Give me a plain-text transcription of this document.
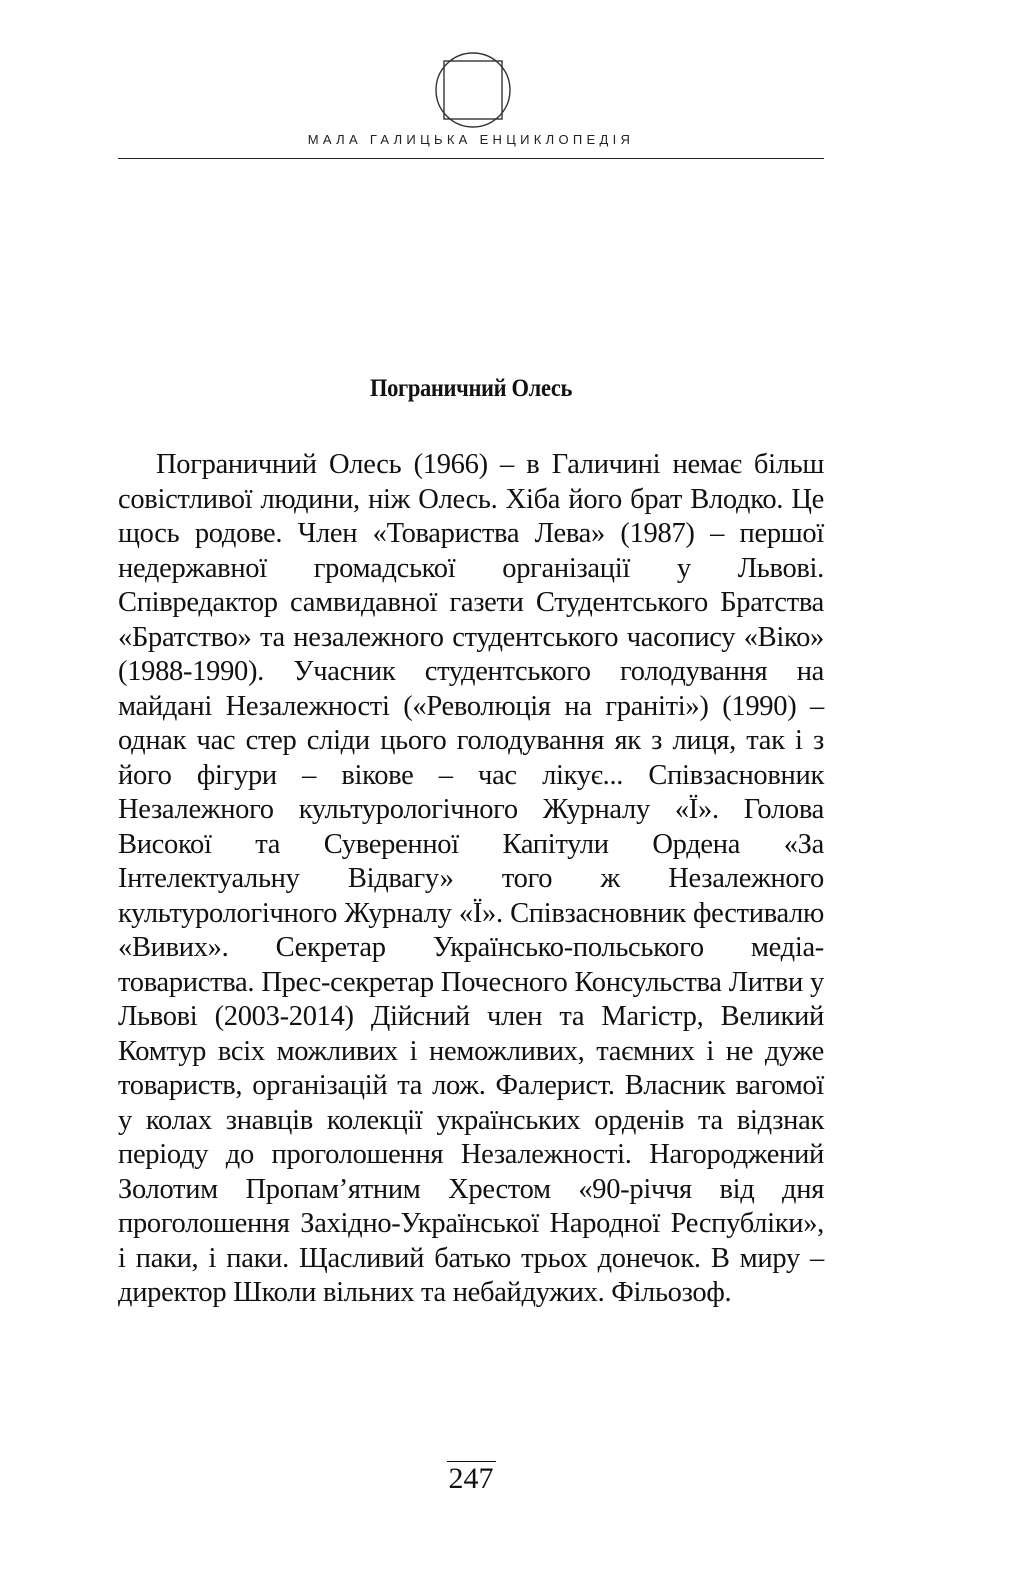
МАЛА ГАЛИЦЬКА ЕНЦИКЛОПЕДІЯ
Пограничний Олесь

Пограничний Олесь (1966) – в Галичині немає більш совістливої людини, ніж Олесь. Хіба його брат Влодко. Це щось родове. Член «Товариства Лева» (1987) – першої недержавної громадської організації у Львові. Співредактор самвидавної газети Студентського Братства «Братство» та незалежного студентського часопису «Віко» (1988-1990). Учасник студентського голодування на майдані Незалежності («Революція на граніті») (1990) – однак час стер сліди цього голодування як з лиця, так і з його фігури – вікове – час лікує... Співзасновник Незалежного культурологічного Журналу «Ї». Голова Високої та Суверенної Капітули Ордена «За Інтелектуальну Відвагу» того ж Незалежного культурологічного Журналу «Ї». Співзасновник фестивалю «Вивих». Секретар Українсько-польського медіа-товариства. Прес-секретар Почесного Консульства Литви у Львові (2003-2014) Дійсний член та Магістр, Великий Комтур всіх можливих і неможливих, таємних і не дуже товариств, організацій та лож. Фалерист. Власник вагомої у колах знавців колекції українських орденів та відзнак періоду до проголошення Незалежності. Нагороджений Золотим Пропам’ятним Хрестом «90-річчя від дня проголошення Західно-Української Народної Республіки», і паки, і паки. Щасливий батько трьох донечок. В миру – директор Школи вільних та небайдужих. Фільозоф.

247
